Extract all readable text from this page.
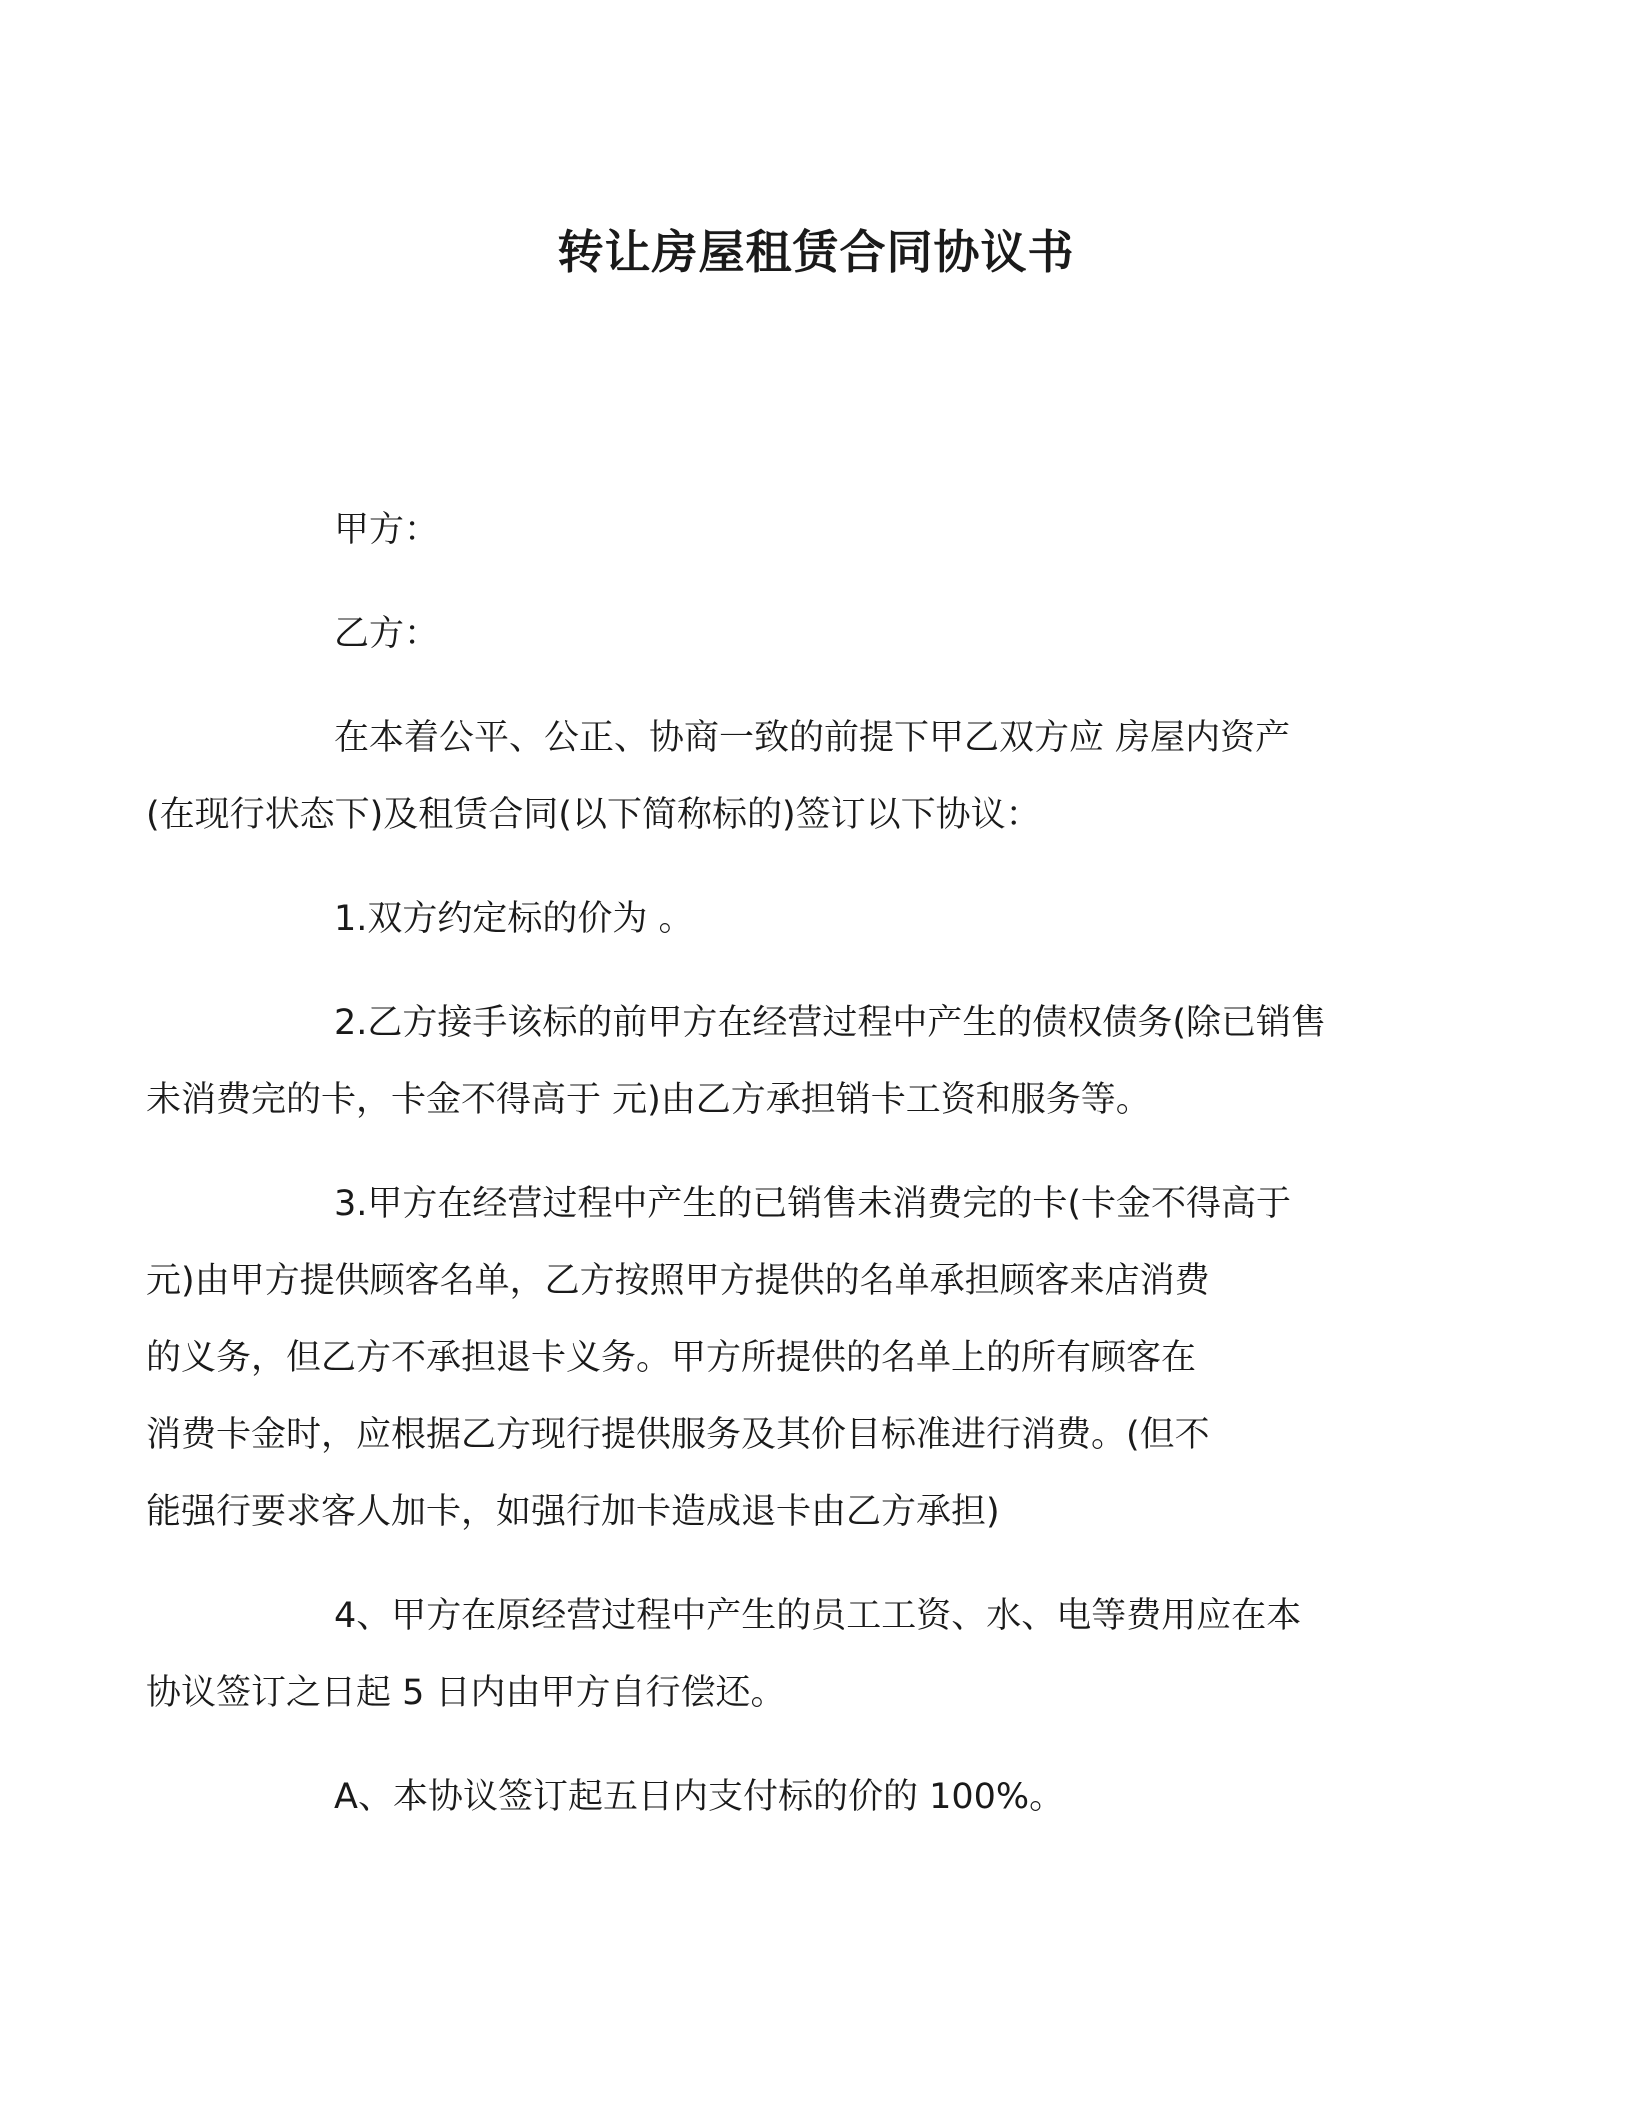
转让房屋租赁合同协议书
甲方：
乙方：
在本着公平、公正、协商一致的前提下甲乙双方应 房屋内资产
(在现行状态下)及租赁合同(以下简称标的)签订以下协议：
1.双方约定标的价为 。
2.乙方接手该标的前甲方在经营过程中产生的债权债务(除已销售
未消费完的卡，卡金不得高于 元)由乙方承担销卡工资和服务等。
3.甲方在经营过程中产生的已销售未消费完的卡(卡金不得高于
元)由甲方提供顾客名单，乙方按照甲方提供的名单承担顾客来店消费
的义务，但乙方不承担退卡义务。甲方所提供的名单上的所有顾客在
消费卡金时，应根据乙方现行提供服务及其价目标准进行消费。(但不
能强行要求客人加卡，如强行加卡造成退卡由乙方承担)
4、甲方在原经营过程中产生的员工工资、水、电等费用应在本
协议签订之日起 5 日内由甲方自行偿还。
A、本协议签订起五日内支付标的价的 100%。
